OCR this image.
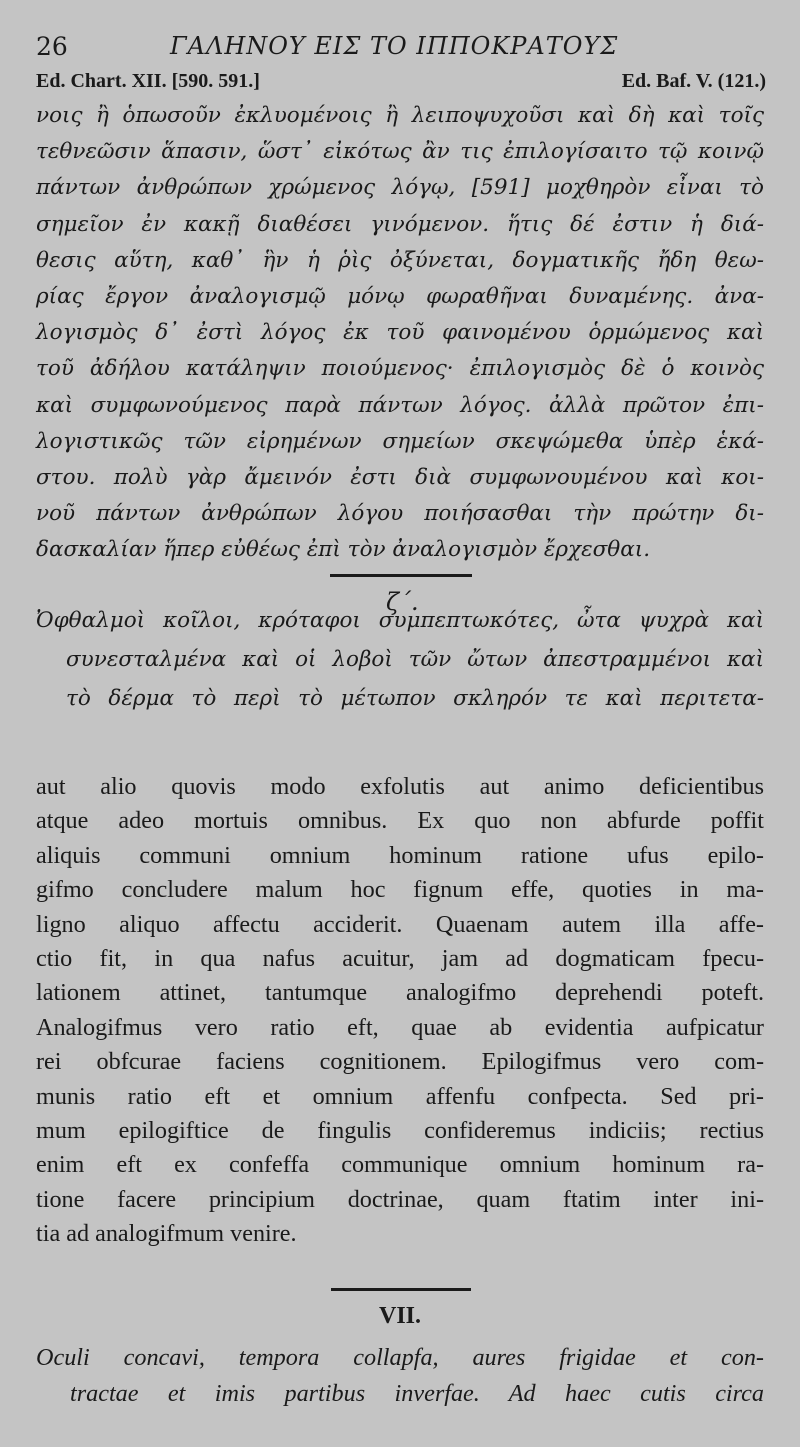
26	ΓΑΛΗΝΟΥ ΕΙΣ ΤΟ ΙΠΠΟΚΡΑΤΟΥΣ
Ed. Chart. XII. [590. 591.]	Ed. Baf. V. (121.)
νοις ἢ ὁπωσοῦν ἐκλυομένοις ἢ λειποψυχοῦσι καὶ δὴ καὶ τοῖς
τεθνεῶσιν ἅπασιν, ὥστ᾽ εἰκότως ἂν τις ἐπιλογίσαιτο τῷ κοινῷ
πάντων ἀνθρώπων χρώμενος λόγῳ, [591] μοχθηρὸν εἶναι τὸ
σημεῖον ἐν κακῇ διαθέσει γινόμενον. ἥτις δέ ἐστιν ἡ διά-
θεσις αὕτη, καθ᾽ ἣν ἡ ῥὶς ὀξύνεται, δογματικῆς ἤδη θεω-
ρίας ἔργον ἀναλογισμῷ μόνῳ φωραθῆναι δυναμένης. ἀνα-
λογισμὸς δ᾽ ἐστὶ λόγος ἐκ τοῦ φαινομένου ὁρμώμενος καὶ
τοῦ ἀδήλου κατάληψιν ποιούμενος· ἐπιλογισμὸς δὲ ὁ κοινὸς
καὶ συμφωνούμενος παρὰ πάντων λόγος. ἀλλὰ πρῶτον ἐπι-
λογιστικῶς τῶν εἰρημένων σημείων σκεψώμεθα ὑπὲρ ἑκά-
στου. πολὺ γὰρ ἄμεινόν ἐστι διὰ συμφωνουμένου καὶ κοι-
νοῦ πάντων ἀνθρώπων λόγου ποιήσασθαι τὴν πρώτην δι-
δασκαλίαν ἥπερ εὐθέως ἐπὶ τὸν ἀναλογισμὸν ἔρχεσθαι.
ζ΄.
Ὀφθαλμοὶ κοῖλοι, κρόταφοι συμπεπτωκότες, ὦτα ψυχρὰ καὶ
συνεσταλμένα καὶ οἱ λοβοὶ τῶν ὤτων ἀπεστραμμένοι καὶ
τὸ δέρμα τὸ περὶ τὸ μέτωπον σκληρόν τε καὶ περιτετα-
aut alio quovis modo exfolutis aut animo deficientibus
atque adeo mortuis omnibus. Ex quo non abfurde poffit
aliquis communi omnium hominum ratione ufus epilo-
gifmo concludere malum hoc fignum effe, quoties in ma-
ligno aliquo affectu acciderit. Quaenam autem illa affe-
ctio fit, in qua nafus acuitur, jam ad dogmaticam fpecu-
lationem attinet, tantumque analogifmo deprehendi poteft.
Analogifmus vero ratio eft, quae ab evidentia aufpicatur
rei obfcurae faciens cognitionem. Epilogifmus vero com-
munis ratio eft et omnium affenfu confpecta. Sed pri-
mum epilogiftice de fingulis confideremus indiciis; rectius
enim eft ex confeffa communique omnium hominum ra-
tione facere principium doctrinae, quam ftatim inter ini-
tia ad analogifmum venire.
VII.
Oculi concavi, tempora collapfa, aures frigidae et con-
tractae et imis partibus inverfae. Ad haec cutis circa
